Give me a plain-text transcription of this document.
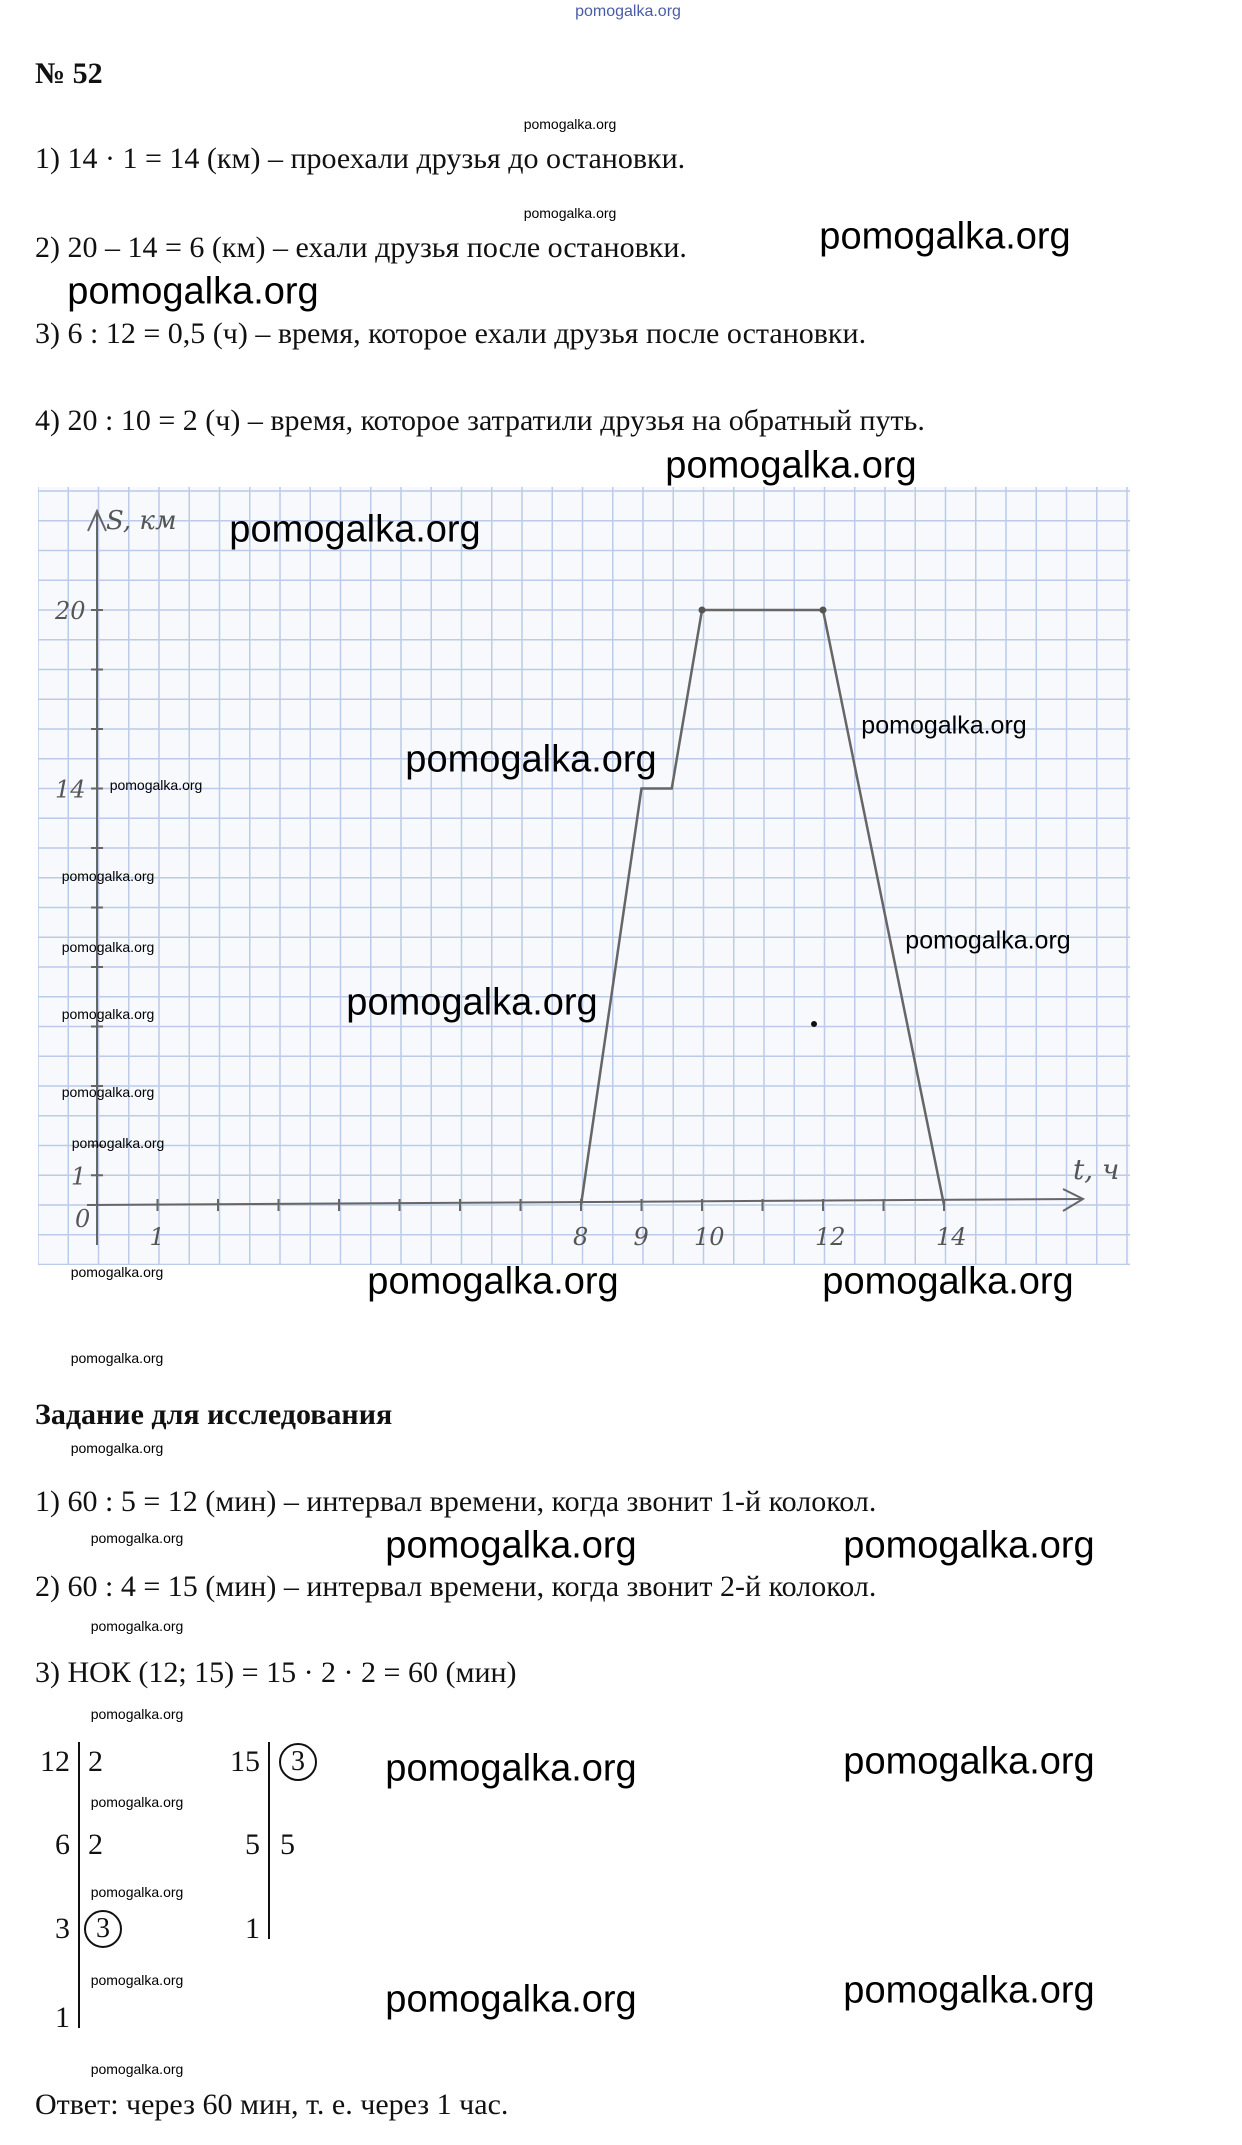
pomogalka.org
№ 52
1) 14 · 1 = 14 (км) – проехали друзья до остановки.
2) 20 – 14 = 6 (км) – ехали друзья после остановки.
3) 6 : 12 = 0,5 (ч) – время, которое ехали друзья после остановки.
4) 20 : 10 = 2 (ч) – время, которое затратили друзья на обратный путь.
S, км
t, ч
0
1	8 9 10	12	14
1
14
20
Задание для исследования
1) 60 : 5 = 12 (мин) – интервал времени, когда звонит 1-й колокол.
2) 60 : 4 = 15 (мин) – интервал времени, когда звонит 2-й колокол.
3) НОК (12; 15) = 15 · 2 · 2 = 60 (мин)
12
6
3
1
2
2
3
15
5
1
3
5
Ответ: через 60 мин, т. е. через 1 час.
pomogalka.org
pomogalka.org
pomogalka.org
pomogalka.org
pomogalka.org
pomogalka.org
pomogalka.org	pomogalka.org
pomogalka.org	pomogalka.org
pomogalka.org	pomogalka.org
pomogalka.org	pomogalka.org
pomogalka.org
pomogalka.org
pomogalka.org
pomogalka.org
pomogalka.org
pomogalka.org
pomogalka.org
pomogalka.org
pomogalka.org
pomogalka.org
pomogalka.org
pomogalka.org
pomogalka.org
pomogalka.org
pomogalka.org
pomogalka.org
pomogalka.org
pomogalka.org
pomogalka.org
pomogalka.org
